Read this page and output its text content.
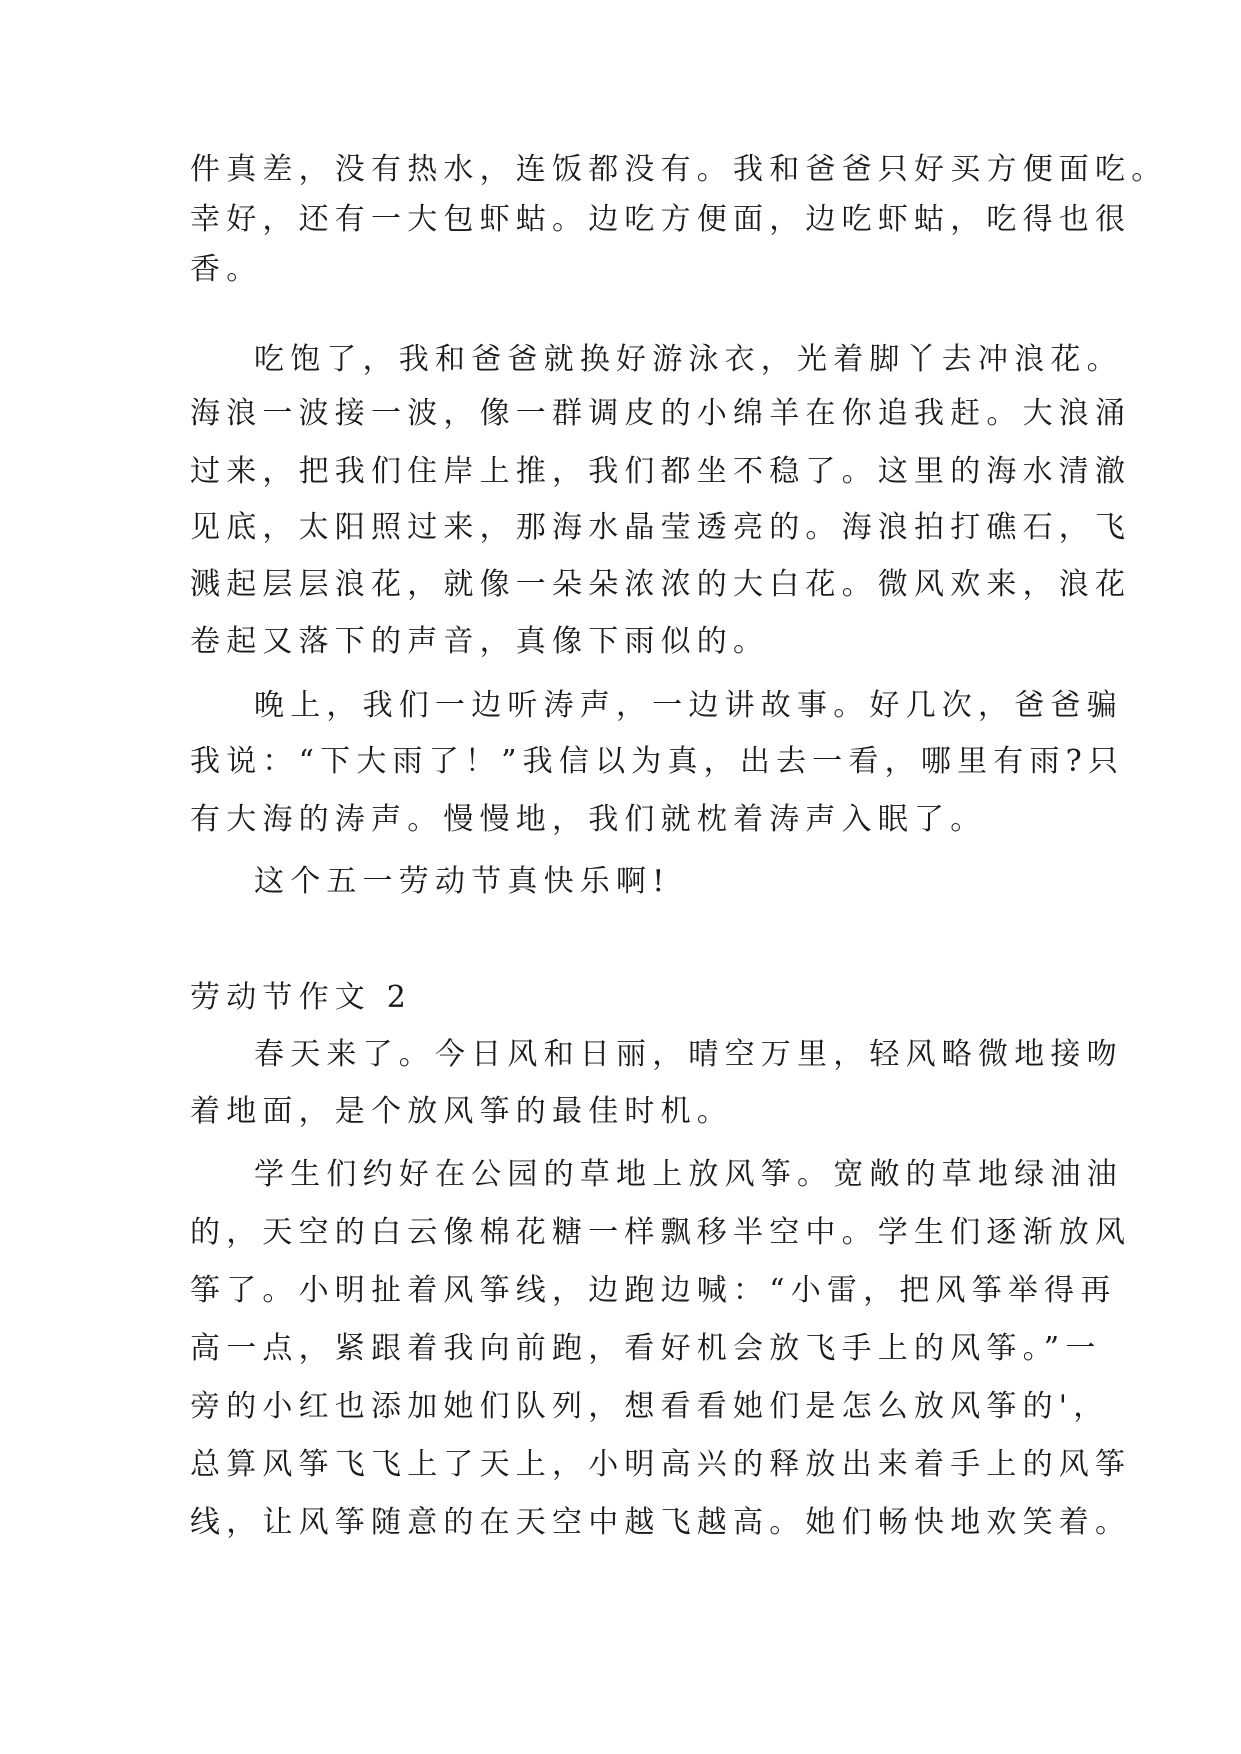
件真差，没有热水，连饭都没有。我和爸爸只好买方便面吃。
幸好，还有一大包虾蛄。边吃方便面，边吃虾蛄，吃得也很
香。
吃饱了，我和爸爸就换好游泳衣，光着脚丫去冲浪花。
海浪一波接一波，像一群调皮的小绵羊在你追我赶。大浪涌
过来，把我们住岸上推，我们都坐不稳了。这里的海水清澈
见底，太阳照过来，那海水晶莹透亮的。海浪拍打礁石，飞
溅起层层浪花，就像一朵朵浓浓的大白花。微风欢来，浪花
卷起又落下的声音，真像下雨似的。
晚上，我们一边听涛声，一边讲故事。好几次，爸爸骗
我说：“下大雨了！”我信以为真，出去一看，哪里有雨?只
有大海的涛声。慢慢地，我们就枕着涛声入眠了。
这个五一劳动节真快乐啊!
劳动节作文 2
春天来了。今日风和日丽，晴空万里，轻风略微地接吻
着地面，是个放风筝的最佳时机。
学生们约好在公园的草地上放风筝。宽敞的草地绿油油
的，天空的白云像棉花糖一样飘移半空中。学生们逐渐放风
筝了。小明扯着风筝线，边跑边喊：“小雷，把风筝举得再
高一点，紧跟着我向前跑，看好机会放飞手上的风筝。”一
旁的小红也添加她们队列，想看看她们是怎么放风筝的'，
总算风筝飞飞上了天上，小明高兴的释放出来着手上的风筝
线，让风筝随意的在天空中越飞越高。她们畅快地欢笑着。
